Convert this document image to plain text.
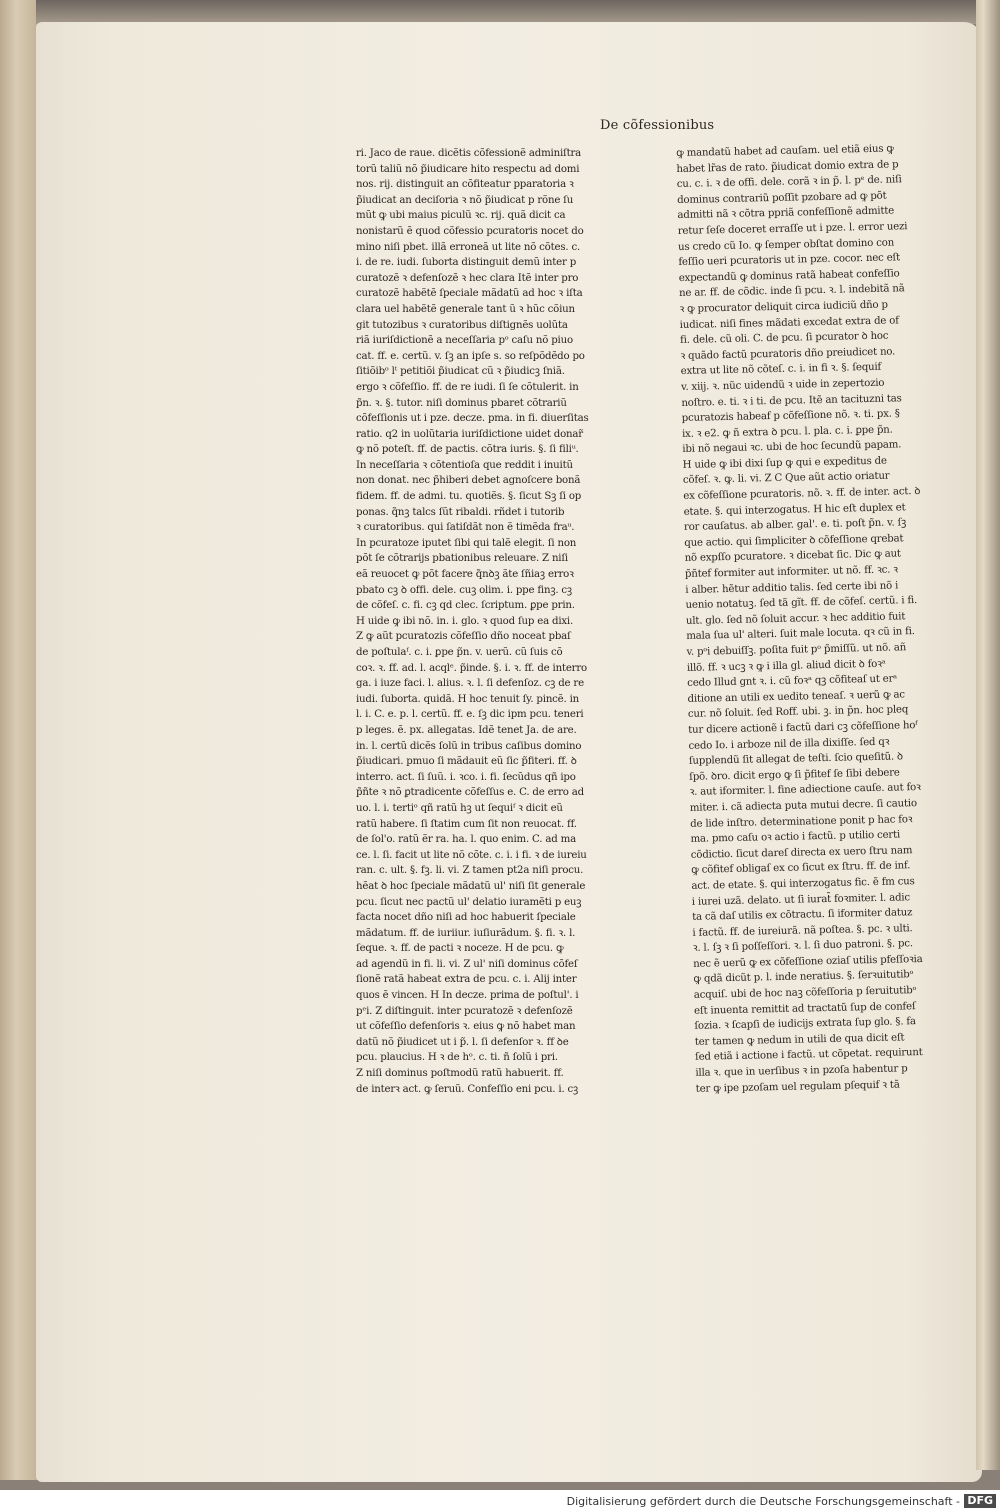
De cõfessionibus
ri. Jaco de raue. dicẽtis cõfessionẽ adminiſtra
torũ taliũ nõ p̃iudicare hito respectu ad domi
nos. rij. distinguit an cõfiteatur pparatoria ꝛ
p̃iudicat an deciſoria ꝛ nõ p̃iudicat p rõne ſu
mũt ꝙ ubi maius piculũ ꝛc. rij. quã dicit ca
nonistarũ ẽ quod cõfessio pcuratoris nocet do
mino niſi pbet. illã erroneã ut lite nõ cõtes. c.
i. de re. iudi. ſuborta distinguit demũ inter p
curatozẽ ꝛ defenſozẽ ꝛ hec clara Itẽ inter pro
curatozẽ habẽtẽ ſpeciale mãdatũ ad hoc ꝛ iſta
clara uel habẽtẽ generale tant ũ ꝛ hũc cõiun
git tutozibus ꝛ curatoribus diſtignẽs uolũta
riã iuriſdictionẽ a neceſſaria pᵒ caſu nõ piuo
cat. ff. e. certũ. v. ſꝫ an ipſe s. so reſpõdẽdo po
ſitiõibᵒ lᵗ petitiõi p̃iudicat cũ ꝛ p̃iudicꝫ ſniã.
ergo ꝛ cõfeſſio. ff. de re iudi. ſi ſe cõtulerit. in
p̃n. ꝛ. §. tutor. niſi dominus pbaret cõtrariũ
cõfeſſionis ut i pze. decze. pma. in fi. diuerſitas
ratio. q2 in uolũtaria iuriſdictione uidet donar̃
ꝙ nõ poteſt. ff. de pactis. cõtra iuris. §. ſi filiᵘ.
In neceſſaria ꝛ cõtentioſa que reddit i inuitũ
non donat. nec p̃hiberi debet agnoſcere bonã
fidem. ff. de admi. tu. quotiẽs. §. ſicut Sꝫ ſi op
ponas. q̃nꝫ talcs ſũt ribaldi. rñdet i tutorib
ꝛ curatoribus. qui ſatiſdãt non ẽ timẽda fraᵘ.
In pcuratoze iputet ſibi qui talẽ elegit. ſi non
põt ſe cõtrarijs pbationibus releuare. Z niſi
eã reuocet ꝙ põt facere q̃nꝺꝫ ãte ſñiaꝫ erroꝛ
pbato cꝫ ꝺ offi. dele. cuꝫ olim. i. ppe finꝫ. cꝫ
de cõfeſ. c. fi. cꝫ qd clec. ſcriptum. ꝑpe prin.
H uide ꝙ ibi nõ. in. i. glo. ꝛ quod ſup ea dixi.
Z ꝙ aũt pcuratozis cõfeſſio dño noceat pbaſ
de poſtulaᶠ. c. i. ꝑpe p̃n. v. uerũ. cũ ſuis cõ
coꝛ. ꝛ. ff. ad. l. acqlᵉ. p̃inde. §. i. ꝛ. ff. de interro
ga. i iuze faci. l. alius. ꝛ. l. ſi defenſoz. cꝫ de re
iudi. ſuborta. quidã. H hoc tenuit ſy. pincẽ. in
l. i. C. e. p. l. certũ. ff. e. ſꝫ dic ipm pcu. teneri
p leges. ẽ. px. allegatas. Idẽ tenet Ja. de are.
in. l. certũ dicẽs ſolũ in tribus caſibus domino
p̃iudicari. pmuo ſi mãdauit eũ ſic p̃fiteri. ff. ꝺ
interro. act. ſi ſuũ. i. ꝛco. i. fi. ſecũdus qñ ipo
p̃ñte ꝛ nõ ꝑtradicente cõfeſſus e. C. de erro ad
uo. l. i. tertiᵒ qñ ratũ hꝫ ut ſequiᶠ ꝛ dicit eũ
ratũ habere. ſi ſtatim cum ſit non reuocat. ff.
de ſol'o. ratũ ẽr ra. ha. l. quo enim. C. ad ma
ce. l. ſi. facit ut lite nõ cõte. c. i. i fi. ꝛ de iureiu
ran. c. ult. §. fꝫ. li. vi. Z tamen pt2a niſi procu.
hẽat ꝺ hoc ſpeciale mãdatũ ul' niſi ſit generale
pcu. ſicut nec pactũ ul' delatio iuramẽti p euꝫ
facta nocet dño niſi ad hoc habuerit ſpeciale
mãdatum. ff. de iuriiur. iuſiurãdum. §. fi. ꝛ. l.
ſeque. ꝛ. ff. de pacti ꝛ noceze. H de pcu. ꝙ
ad agendũ in fi. li. vi. Z ul' niſi dominus cõfeſ
ſionẽ ratã habeat extra de pcu. c. i. Alij inter
quos ẽ vincen. H In decze. prima de poſtul'. i
pᵉi. Z diſtinguit. inter pcuratozẽ ꝛ defenſozẽ
ut cõfeſſio defenſoris ꝛ. eius ꝙ nõ habet man
datũ nõ p̃iudicet ut i p̃. l. ſi defenſor ꝛ. ff ꝺe
pcu. plaucius. H ꝛ de hᵒ. c. ti. ñ ſolũ i pri.
Z niſi dominus poſtmodũ ratũ habuerit. ff.
de interꝛ act. ꝙ ſeruũ. Confeſſio eni pcu. i. cꝫ
ꝙ mandatũ habet ad cauſam. uel etiã eius ꝙ
habet lr̃as de rato. p̃iudicat domio extra de p
cu. c. i. ꝛ de offi. dele. corã ꝛ in p̃. l. pᵉ de. niſi
dominus contrariũ poſſit pzobare ad ꝙ põt
admitti nã ꝛ cõtra ppriã confeſſionẽ admitte
retur ſeſe doceret erraſſe ut i pze. l. error uezi
us credo cũ Io. ꝙ ſemper obſtat domino con
feſſio ueri pcuratoris ut in pze. cocor. nec eſt
expectandũ ꝙ dominus ratã habeat confeſſio
ne ar. ff. de cõdic. inde ſi pcu. ꝛ. l. indebitã nã
ꝛ ꝙ procurator deliquit circa iudiciũ dño p
iudicat. niſi fines mãdati excedat extra de of
fi. dele. cũ oli. C. de pcu. ſi pcurator ꝺ hoc
ꝛ quãdo factũ pcuratoris dño preiudicet no.
extra ut lite nõ cõteſ. c. i. in fi ꝛ. §. ſequif
v. xiij. ꝛ. nũc uidendũ ꝛ uide in zepertozio
noſtro. e. ti. ꝛ i ti. de pcu. Itẽ an tacituzni tas
pcuratozis habeaf p cõfeſſione nõ. ꝛ. ti. px. §
ix. ꝛ e2. ꝙ ñ extra ꝺ pcu. l. pla. c. i. ꝑpe p̃n.
ibi nõ negaui ꝛc. ubi de hoc ſecundũ papam.
H uide ꝙ ibi dixi ſup ꝙ qui e expeditus de
cõfeſ. ꝛ. ꝙ. li. vi. Z C Que aũt actio oriatur
ex cõfeſſione pcuratoris. nõ. ꝛ. ff. de inter. act. ꝺ
etate. §. qui interzogatus. H hic eſt duplex et
ror cauſatus. ab alber. gal'. e. ti. poſt p̃n. v. ſꝫ
que actio. qui ſimpliciter ꝺ cõfeſſione qrebat
nõ expſſo pcuratore. ꝛ dicebat ſic. Dic ꝙ aut
p̃ñtef formiter aut informiter. ut nõ. ff. ꝛc. ꝛ
i alber. hẽtur additio talis. ſed certe ibi nõ i
uenio notatuꝫ. ſed tã gĩt. ff. de cõfeſ. certũ. i fi.
ult. glo. ſed nõ ſoluit accur. ꝛ hec additio fuit
mala ſua ul' alteri. ſuit male locuta. qꝛ cũ in fi.
v. pᵒi debuiſſꝫ. poſita fuit pᵒ p̃miſſũ. ut nõ. añ
illõ. ff. ꝛ ucꝫ ꝛ ꝙ i illa gl. aliud dicit ꝺ foꝛᵃ
cedo Illud gnt ꝛ. i. cũ foꝛᵃ qꝫ cõfiteaſ ut erᵃ
ditione an utili ex uedito teneaſ. ꝛ uerũ ꝙ ac
cur. nõ ſoluit. ſed Roff. ubi. ꝫ. in p̃n. hoc pleq
tur dicere actionẽ i factũ dari cꝫ cõfeſſione hoᶠ
cedo Io. i arboze nil de illa dixiſſe. ſed qꝛ
ſupplendũ ſit allegat de teſti. ſcio queſitũ. ꝺ
ſpõ. ꝺro. dicit ergo ꝙ ſi p̃fitef ſe ſibi debere
ꝛ. aut iformiter. l. fine adiectione cauſe. aut foꝛ
miter. i. cã adiecta puta mutui decre. ſi cautio
de lide inſtro. determinatione ponit p hac foꝛ
ma. pmo caſu oꝛ actio i factũ. p utilio certi
cõdictio. ſicut dareſ directa ex uero ſtru nam
ꝙ cõfitef obligaſ ex co ſicut ex ſtru. ff. de inf.
act. de etate. §. qui interzogatus fic. ẽ fm cus
i iurei uzã. delato. ut ſi iurat̃ foꝛmiter. l. adic
ta cã daſ utilis ex cõtractu. ſi iformiter datuz
i factũ. ff. de iureiurã. nã poſtea. §. pc. ꝛ ulti.
ꝛ. l. ſꝫ ꝛ ſi poſſeſſori. ꝛ. l. ſi duo patroni. §. pc.
nec ẽ uerũ ꝙ ex cõfeſſione oziaſ utilis pfeſſoꝛia
ꝙ qdã dicũt p. l. inde neratius. §. ſerꝛuitutibᵒ
acquiſ. ubi de hoc naꝫ cõfeſſoria p ſeruitutibᵒ
eſt inuenta remittit ad tractatũ ſup de confeſ
ſozia. ꝛ ſcapſi de iudicijs extrata ſup glo. §. fa
ter tamen ꝙ nedum in utili de qua dicit eſt
ſed etiã i actione i factũ. ut cõpetat. requirunt
illa ꝛ. que in uerſibus ꝛ in pzoſa habentur p
ter ꝙ ipe pzoſam uel regulam pſequif ꝛ tã
Digitalisierung gefördert durch die Deutsche Forschungsgemeinschaft - DFG
